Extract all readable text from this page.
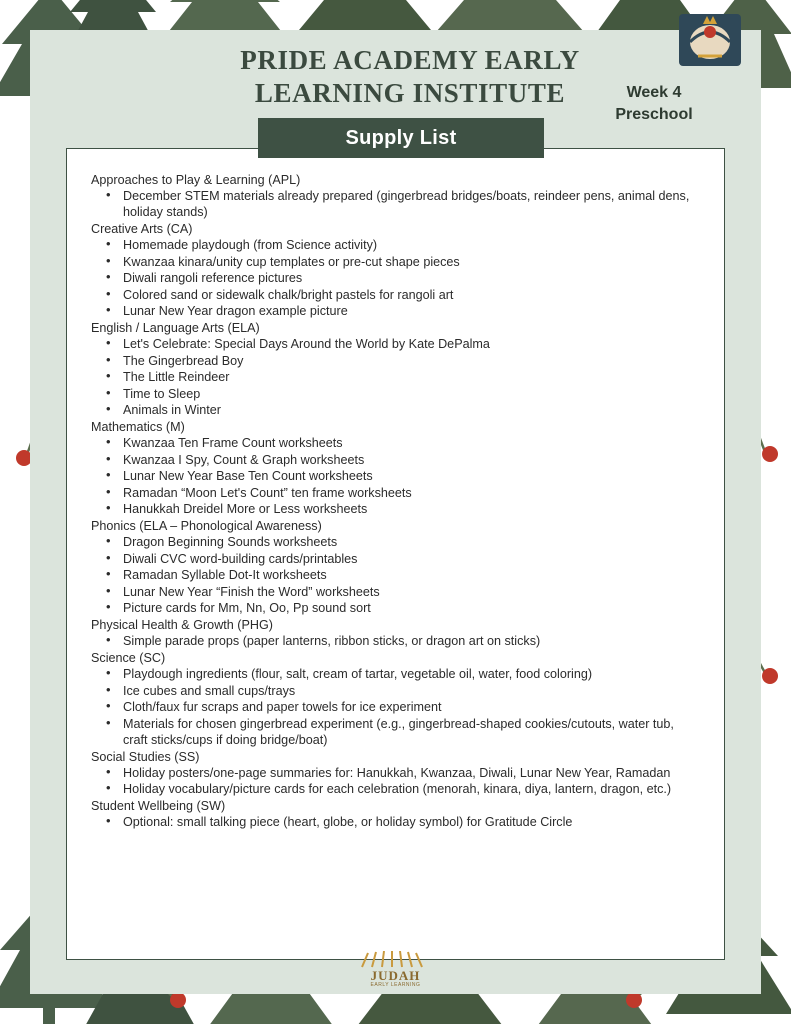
PRIDE ACADEMY EARLY LEARNING INSTITUTE	Week 4
Preschool
Supply List
Approaches to Play & Learning (APL)
• December STEM materials already prepared (gingerbread bridges/boats, reindeer pens, animal dens, holiday stands)
Creative Arts (CA)
• Homemade playdough (from Science activity)
• Kwanzaa kinara/unity cup templates or pre-cut shape pieces
• Diwali rangoli reference pictures
• Colored sand or sidewalk chalk/bright pastels for rangoli art
• Lunar New Year dragon example picture
English / Language Arts (ELA)
• Let's Celebrate: Special Days Around the World by Kate DePalma
• The Gingerbread Boy
• The Little Reindeer
• Time to Sleep
• Animals in Winter
Mathematics (M)
• Kwanzaa Ten Frame Count worksheets
• Kwanzaa I Spy, Count & Graph worksheets
• Lunar New Year Base Ten Count worksheets
• Ramadan “Moon Let's Count” ten frame worksheets
• Hanukkah Dreidel More or Less worksheets
Phonics (ELA – Phonological Awareness)
• Dragon Beginning Sounds worksheets
• Diwali CVC word-building cards/printables
• Ramadan Syllable Dot-It worksheets
• Lunar New Year “Finish the Word” worksheets
• Picture cards for Mm, Nn, Oo, Pp sound sort
Physical Health & Growth (PHG)
• Simple parade props (paper lanterns, ribbon sticks, or dragon art on sticks)
Science (SC)
• Playdough ingredients (flour, salt, cream of tartar, vegetable oil, water, food coloring)
• Ice cubes and small cups/trays
• Cloth/faux fur scraps and paper towels for ice experiment
• Materials for chosen gingerbread experiment (e.g., gingerbread-shaped cookies/cutouts, water tub, craft sticks/cups if doing bridge/boat)
Social Studies (SS)
• Holiday posters/one-page summaries for: Hanukkah, Kwanzaa, Diwali, Lunar New Year, Ramadan
• Holiday vocabulary/picture cards for each celebration (menorah, kinara, diya, lantern, dragon, etc.)
Student Wellbeing (SW)
• Optional: small talking piece (heart, globe, or holiday symbol) for Gratitude Circle
JUDAH
EARLY LEARNING
